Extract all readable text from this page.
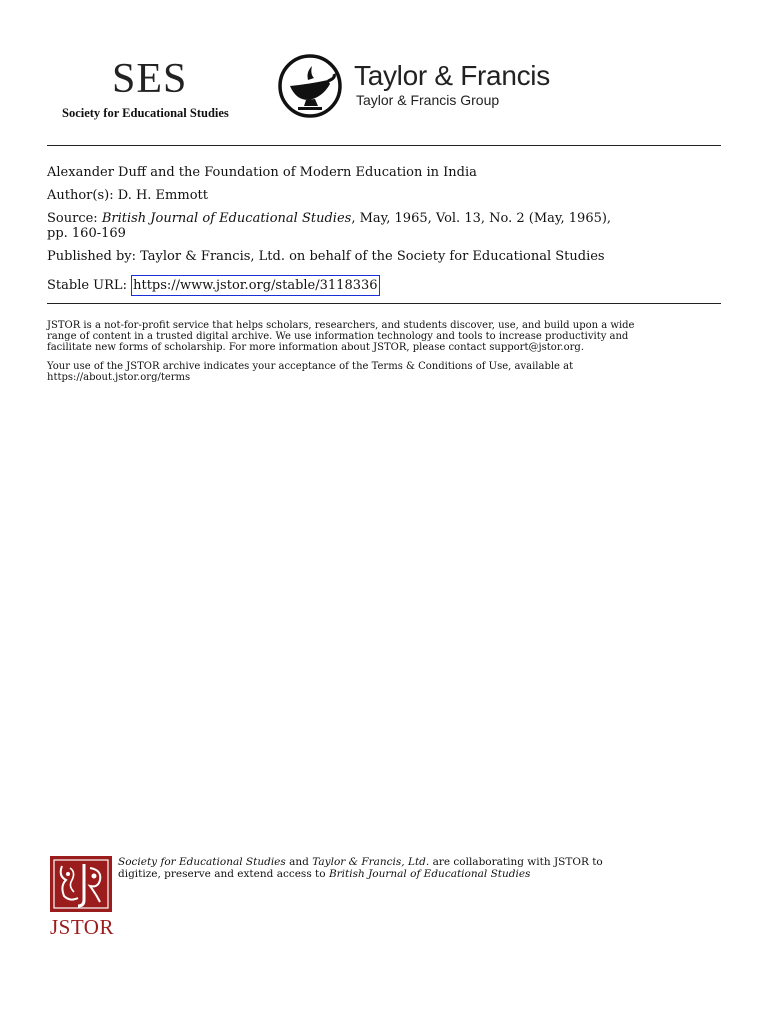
SES
Society for Educational Studies
Taylor & Francis
Taylor & Francis Group
Alexander Duff and the Foundation of Modern Education in India
Author(s): D. H. Emmott
Source: British Journal of Educational Studies, May, 1965, Vol. 13, No. 2 (May, 1965),
pp. 160-169
Published by: Taylor & Francis, Ltd. on behalf of the Society for Educational Studies
Stable URL: https://www.jstor.org/stable/3118336
JSTOR is a not-for-profit service that helps scholars, researchers, and students discover, use, and build upon a wide
range of content in a trusted digital archive. We use information technology and tools to increase productivity and
facilitate new forms of scholarship. For more information about JSTOR, please contact support@jstor.org.
Your use of the JSTOR archive indicates your acceptance of the Terms & Conditions of Use, available at
https://about.jstor.org/terms
JSTOR
Society for Educational Studies and Taylor & Francis, Ltd. are collaborating with JSTOR to
digitize, preserve and extend access to British Journal of Educational Studies
